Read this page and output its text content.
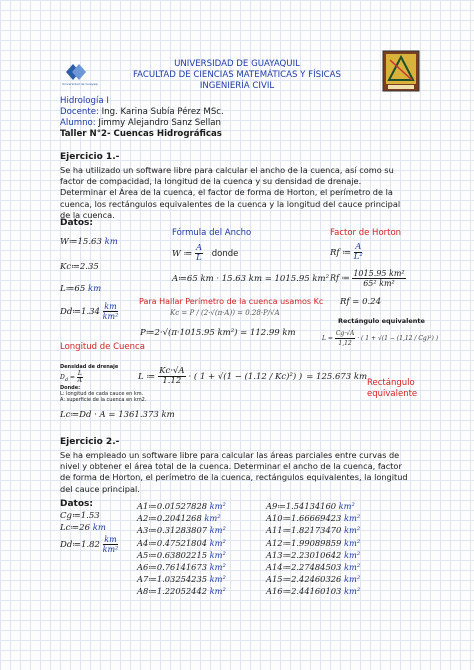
Universidad de Guayaquil
UNIVERSIDAD DE GUAYAQUIL
FACULTAD DE CIENCIAS MATEMÁTICAS Y FÍSICAS
INGENIERÍA CIVIL
Hidrología I
Docente: Ing. Karina Subía Pérez MSc.
Alumno: Jimmy Alejandro Sanz Sellan
Taller N°2- Cuencas Hidrográficas
Ejercicio 1.-
Se ha utilizado un software libre para calcular el ancho de la cuenca, así como su factor de compacidad, la longitud de la cuenca y su densidad de drenaje. Determinar el Área de la cuenca, el factor de forma de Horton, el perímetro de la cuenca, los rectángulos equivalentes de la cuenca y la longitud del cauce principal de la cuenca.
Datos:
W≔15.63 km
Kc≔2.35
L≔65 km
Dd≔1.34 $\frac{km}{\text{km²}}$
Fórmula del Ancho
W ≔ $\frac{A}{L}$ donde
A≔65 km · 15.63 km = 1015.95 km²
Factor de Horton
Rf ≔ $\frac{A}{\text{L²}}$
Rf ≔ $\frac{\text{1015.95 km²}}{\text{65² km²}}$
Rf = 0.24
Para Hallar Perímetro de la cuenca usamos Kc
Kc = P / (2·√(π·A)) = 0.28·P/√A
P≔2·√(π·1015.95 km²) = 112.99 km
Rectángulo equivalente
$L = \frac{Cg\cdot√A}{1,12}$ · ( 1 + √(1 − (1,12 / Cg)²) )
Longitud de Cuenca
Densidad de drenaje
$D_d = \frac{L}{A}$
Donde:
L: longitud de cada cauce en km.
A: superficie de la cuenca en km2.
L ≔ $\frac{Kc\cdot√A}{1.12}$ · ( 1 + √(1 − (1.12 / Kc)²) ) = 125.673 km
Rectángulo equivalente
Lc≔Dd · A = 1361.373 km
Ejercicio 2.-
Se ha empleado un software libre para calcular las áreas parciales entre curvas de nivel y obtener el área total de la cuenca. Determinar el ancho de la cuenca, factor de forma de Horton, el perímetro de la cuenca, rectángulos equivalentes, la longitud del cauce principal.
Datos:
Cg≔1.53
Lc≔26 km
Dd≔1.82 $\frac{km}{\text{km²}}$
A1≔0.01527828 km²
A2≔0.2041268 km²
A3≔0.31283807 km²
A4≔0.47521804 km²
A5≔0.63802215 km²
A6≔0.76141673 km²
A7≔1.03254235 km²
A8≔1.22052442 km²
A9≔1.54134160 km²
A10≔1.66669423 km²
A11≔1.82173470 km²
A12≔1.99089859 km²
A13≔2.23010642 km²
A14≔2.27484503 km²
A15≔2.42460326 km²
A16≔2.44160103 km²
